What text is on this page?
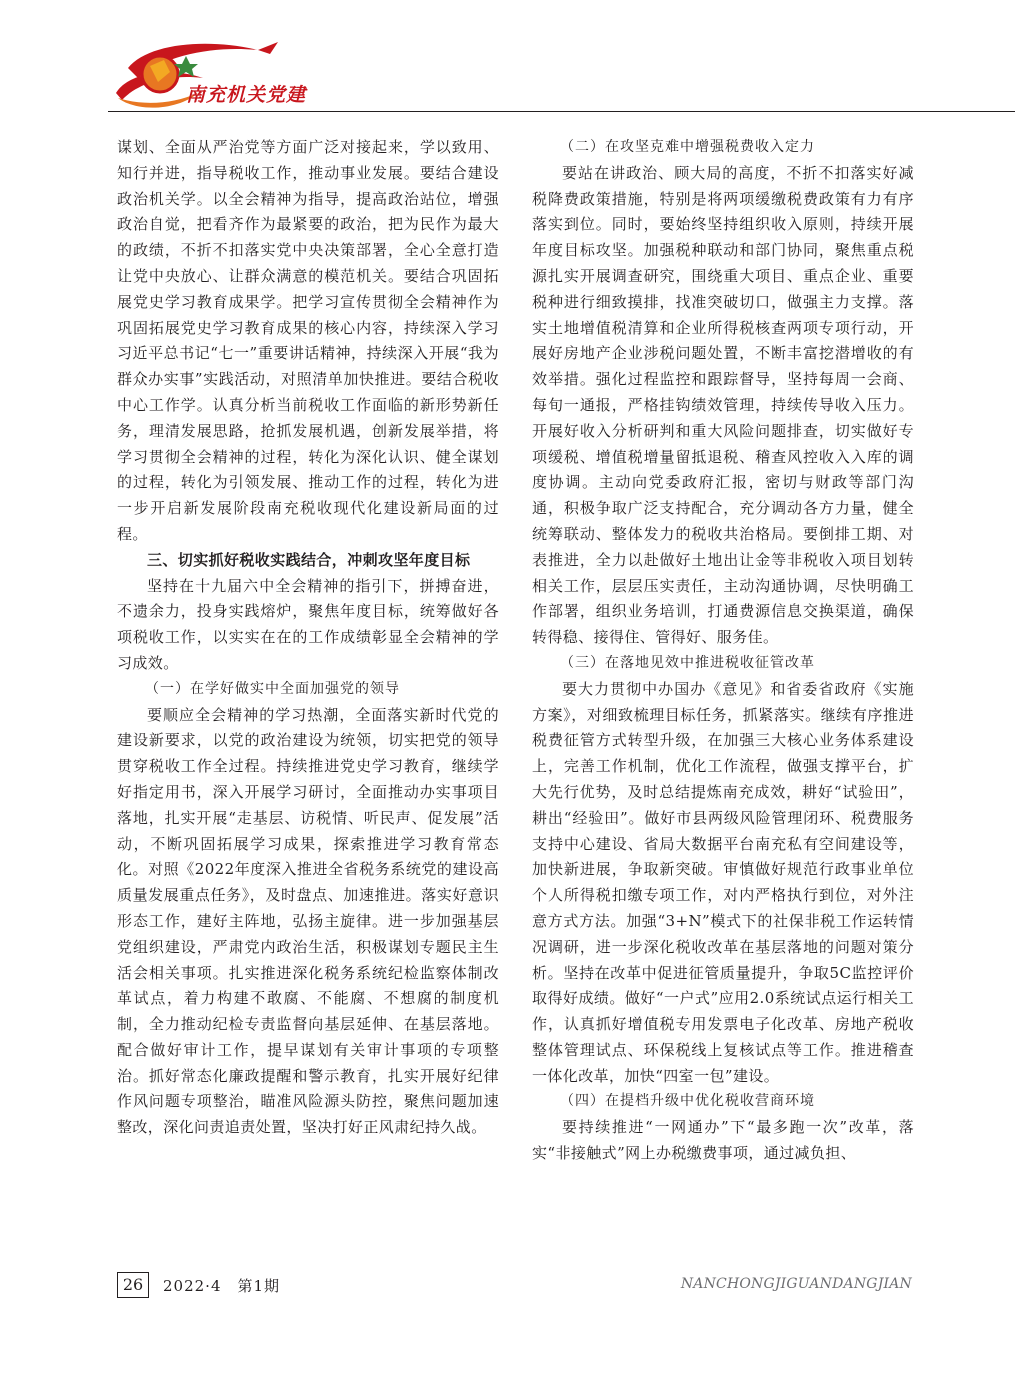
南充机关党建

谋划、全面从严治党等方面广泛对接起来，学以致用、知行并进，指导税收工作，推动事业发展。要结合建设政治机关学。以全会精神为指导，提高政治站位，增强政治自觉，把看齐作为最紧要的政治，把为民作为最大的政绩，不折不扣落实党中央决策部署，全心全意打造让党中央放心、让群众满意的模范机关。要结合巩固拓展党史学习教育成果学。把学习宣传贯彻全会精神作为巩固拓展党史学习教育成果的核心内容，持续深入学习习近平总书记“七一”重要讲话精神，持续深入开展“我为群众办实事”实践活动，对照清单加快推进。要结合税收中心工作学。认真分析当前税收工作面临的新形势新任务，理清发展思路，抢抓发展机遇，创新发展举措，将学习贯彻全会精神的过程，转化为深化认识、健全谋划的过程，转化为引领发展、推动工作的过程，转化为进一步开启新发展阶段南充税收现代化建设新局面的过程。

三、切实抓好税收实践结合，冲刺攻坚年度目标

坚持在十九届六中全会精神的指引下，拼搏奋进，不遗余力，投身实践熔炉，聚焦年度目标，统筹做好各项税收工作，以实实在在的工作成绩彰显全会精神的学习成效。

（一）在学好做实中全面加强党的领导

要顺应全会精神的学习热潮，全面落实新时代党的建设新要求，以党的政治建设为统领，切实把党的领导贯穿税收工作全过程。持续推进党史学习教育，继续学好指定用书，深入开展学习研讨，全面推动办实事项目落地，扎实开展“走基层、访税情、听民声、促发展”活动，不断巩固拓展学习成果，探索推进学习教育常态化。对照《2022年度深入推进全省税务系统党的建设高质量发展重点任务》，及时盘点、加速推进。落实好意识形态工作，建好主阵地，弘扬主旋律。进一步加强基层党组织建设，严肃党内政治生活，积极谋划专题民主生活会相关事项。扎实推进深化税务系统纪检监察体制改革试点，着力构建不敢腐、不能腐、不想腐的制度机制，全力推动纪检专责监督向基层延伸、在基层落地。配合做好审计工作，提早谋划有关审计事项的专项整治。抓好常态化廉政提醒和警示教育，扎实开展好纪律作风问题专项整治，瞄准风险源头防控，聚焦问题加速整改，深化问责追责处置，坚决打好正风肃纪持久战。

（二）在攻坚克难中增强税费收入定力

要站在讲政治、顾大局的高度，不折不扣落实好减税降费政策措施，特别是将两项缓缴税费政策有力有序落实到位。同时，要始终坚持组织收入原则，持续开展年度目标攻坚。加强税种联动和部门协同，聚焦重点税源扎实开展调查研究，围绕重大项目、重点企业、重要税种进行细致摸排，找准突破切口，做强主力支撑。落实土地增值税清算和企业所得税核查两项专项行动，开展好房地产企业涉税问题处置，不断丰富挖潜增收的有效举措。强化过程监控和跟踪督导，坚持每周一会商、每旬一通报，严格挂钩绩效管理，持续传导收入压力。开展好收入分析研判和重大风险问题排查，切实做好专项缓税、增值税增量留抵退税、稽查风控收入入库的调度协调。主动向党委政府汇报，密切与财政等部门沟通，积极争取广泛支持配合，充分调动各方力量，健全统筹联动、整体发力的税收共治格局。要倒排工期、对表推进，全力以赴做好土地出让金等非税收入项目划转相关工作，层层压实责任，主动沟通协调，尽快明确工作部署，组织业务培训，打通费源信息交换渠道，确保转得稳、接得住、管得好、服务佳。

（三）在落地见效中推进税收征管改革

要大力贯彻中办国办《意见》和省委省政府《实施方案》，对细致梳理目标任务，抓紧落实。继续有序推进税费征管方式转型升级，在加强三大核心业务体系建设上，完善工作机制，优化工作流程，做强支撑平台，扩大先行优势，及时总结提炼南充成效，耕好“试验田”，耕出“经验田”。做好市县两级风险管理闭环、税费服务支持中心建设、省局大数据平台南充私有空间建设等，加快新进展，争取新突破。审慎做好规范行政事业单位个人所得税扣缴专项工作，对内严格执行到位，对外注意方式方法。加强“3+N”模式下的社保非税工作运转情况调研，进一步深化税收改革在基层落地的问题对策分析。坚持在改革中促进征管质量提升，争取5C监控评价取得好成绩。做好“一户式”应用2.0系统试点运行相关工作，认真抓好增值税专用发票电子化改革、房地产税收整体管理试点、环保税线上复核试点等工作。推进稽查一体化改革，加快“四室一包”建设。

（四）在提档升级中优化税收营商环境

要持续推进“一网通办”下“最多跑一次”改革，落实“非接触式”网上办税缴费事项，通过减负担、

26	2022·4　第1期	NANCHONGJIGUANDANGJIAN
